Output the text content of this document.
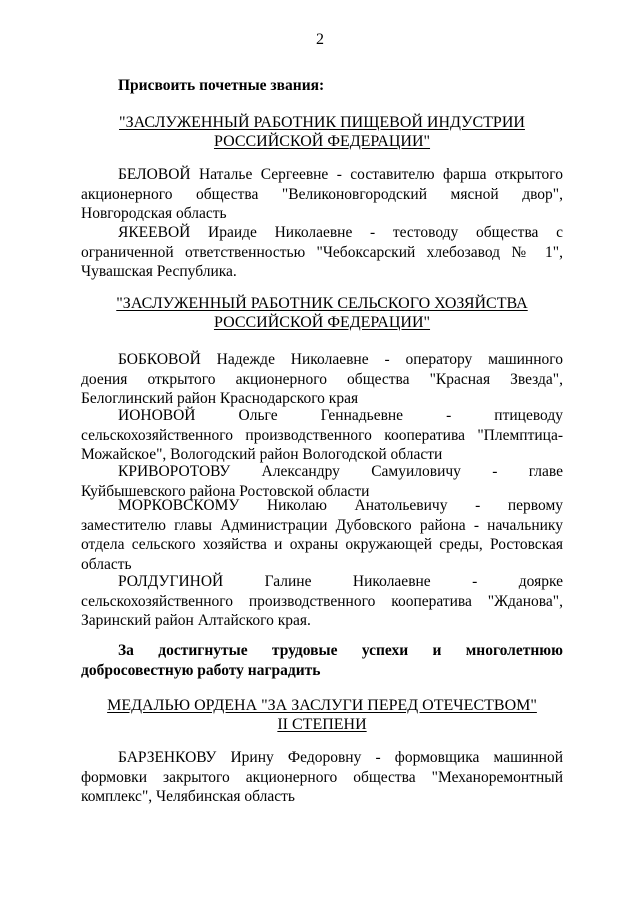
2
Присвоить почетные звания:
"ЗАСЛУЖЕННЫЙ РАБОТНИК ПИЩЕВОЙ ИНДУСТРИИ
РОССИЙСКОЙ ФЕДЕРАЦИИ"
БЕЛОВОЙ Наталье Сергеевне - составителю фарша открытого
акционерного общества "Великоновгородский мясной двор",
Новгородская область
ЯКЕЕВОЙ Ираиде Николаевне - тестоводу общества с
ограниченной ответственностью "Чебоксарский хлебозавод № 1",
Чувашская Республика.
"ЗАСЛУЖЕННЫЙ РАБОТНИК СЕЛЬСКОГО ХОЗЯЙСТВА
РОССИЙСКОЙ ФЕДЕРАЦИИ"
БОБКОВОЙ Надежде Николаевне - оператору машинного
доения открытого акционерного общества "Красная Звезда",
Белоглинский район Краснодарского края
ИОНОВОЙ Ольге Геннадьевне - птицеводу
сельскохозяйственного производственного кооператива "Племптица-
Можайское", Вологодский район Вологодской области
КРИВОРОТОВУ Александру Самуиловичу - главе
Куйбышевского района Ростовской области
МОРКОВСКОМУ Николаю Анатольевичу - первому
заместителю главы Администрации Дубовского района - начальнику
отдела сельского хозяйства и охраны окружающей среды, Ростовская
область
РОЛДУГИНОЙ Галине Николаевне - доярке
сельскохозяйственного производственного кооператива "Жданова",
Заринский район Алтайского края.
За достигнутые трудовые успехи и многолетнюю
добросовестную работу наградить
МЕДАЛЬЮ ОРДЕНА "ЗА ЗАСЛУГИ ПЕРЕД ОТЕЧЕСТВОМ"
II СТЕПЕНИ
БАРЗЕНКОВУ Ирину Федоровну - формовщика машинной
формовки закрытого акционерного общества "Механоремонтный
комплекс", Челябинская область
